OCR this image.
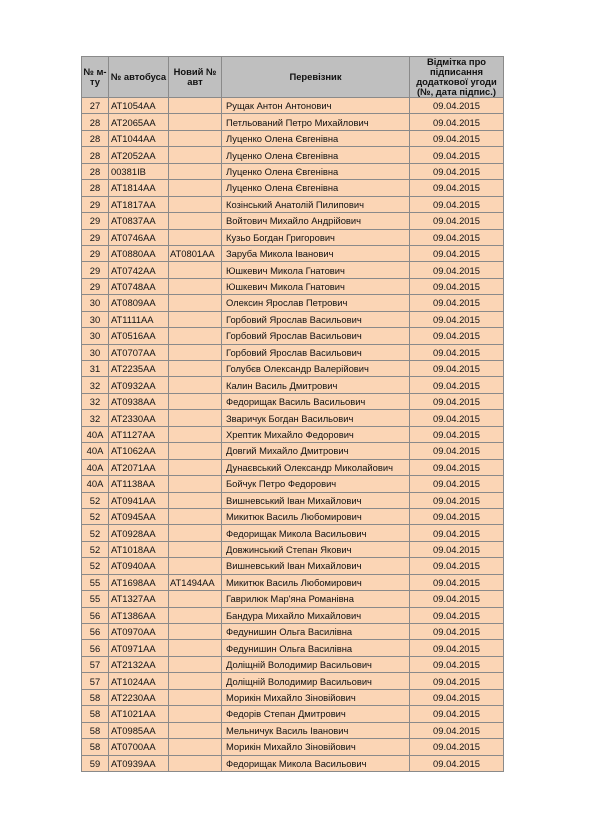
№ м-ту	№ автобуса	Новий № авт	Перевізник	Відмітка про підписання додаткової угоди (№, дата підпис.)
27	AT1054AA		Рущак Антон Антонович	09.04.2015
28	AT2065AA		Петльований Петро Михайлович	09.04.2015
28	AT1044AA		Луценко Олена Євгенівна	09.04.2015
28	AT2052AA		Луценко Олена Євгенівна	09.04.2015
28	00381IB		Луценко Олена Євгенівна	09.04.2015
28	AT1814AA		Луценко Олена Євгенівна	09.04.2015
29	AT1817AA		Козінський Анатолій Пилипович	09.04.2015
29	AT0837AA		Войтович Михайло Андрійович	09.04.2015
29	AT0746AA		Кузьо Богдан Григорович	09.04.2015
29	AT0880AA	AT0801AA	Заруба Микола Іванович	09.04.2015
29	AT0742AA		Юшкевич Микола Гнатович	09.04.2015
29	AT0748AA		Юшкевич Микола Гнатович	09.04.2015
30	AT0809AA		Олексин Ярослав Петрович	09.04.2015
30	AT1111AA		Горбовий Ярослав Васильович	09.04.2015
30	AT0516AA		Горбовий Ярослав Васильович	09.04.2015
30	AT0707AA		Горбовий Ярослав Васильович	09.04.2015
31	AT2235AA		Голубєв Олександр Валерійович	09.04.2015
32	AT0932AA		Калин Василь Дмитрович	09.04.2015
32	AT0938AA		Федорищак Василь Васильович	09.04.2015
32	AT2330AA		Зваричук Богдан Васильович	09.04.2015
40A	AT1127AA		Хрептик Михайло Федорович	09.04.2015
40A	AT1062AA		Довгий Михайло Дмитрович	09.04.2015
40A	AT2071AA		Дунаєвський Олександр Миколайович	09.04.2015
40A	AT1138AA		Бойчук Петро Федорович	09.04.2015
52	AT0941AA		Вишневський Іван Михайлович	09.04.2015
52	AT0945AA		Микитюк Василь Любомирович	09.04.2015
52	AT0928AA		Федорищак Микола Васильович	09.04.2015
52	AT1018AA		Довжинський Степан Якович	09.04.2015
52	AT0940AA		Вишневський Іван Михайлович	09.04.2015
55	AT1698AA	AT1494AA	Микитюк Василь Любомирович	09.04.2015
55	AT1327AA		Гаврилюк Мар'яна Романівна	09.04.2015
56	AT1386AA		Бандура Михайло Михайлович	09.04.2015
56	AT0970AA		Федунишин Ольга Василівна	09.04.2015
56	AT0971AA		Федунишин Ольга Василівна	09.04.2015
57	AT2132AA		Доліщній Володимир Васильович	09.04.2015
57	AT1024AA		Доліщній Володимир Васильович	09.04.2015
58	AT2230AA		Морикін Михайло Зіновійович	09.04.2015
58	AT1021AA		Федорів Степан Дмитрович	09.04.2015
58	AT0985AA		Мельничук Василь Іванович	09.04.2015
58	AT0700AA		Морикін Михайло Зіновійович	09.04.2015
59	AT0939AA		Федорищак Микола Васильович	09.04.2015
